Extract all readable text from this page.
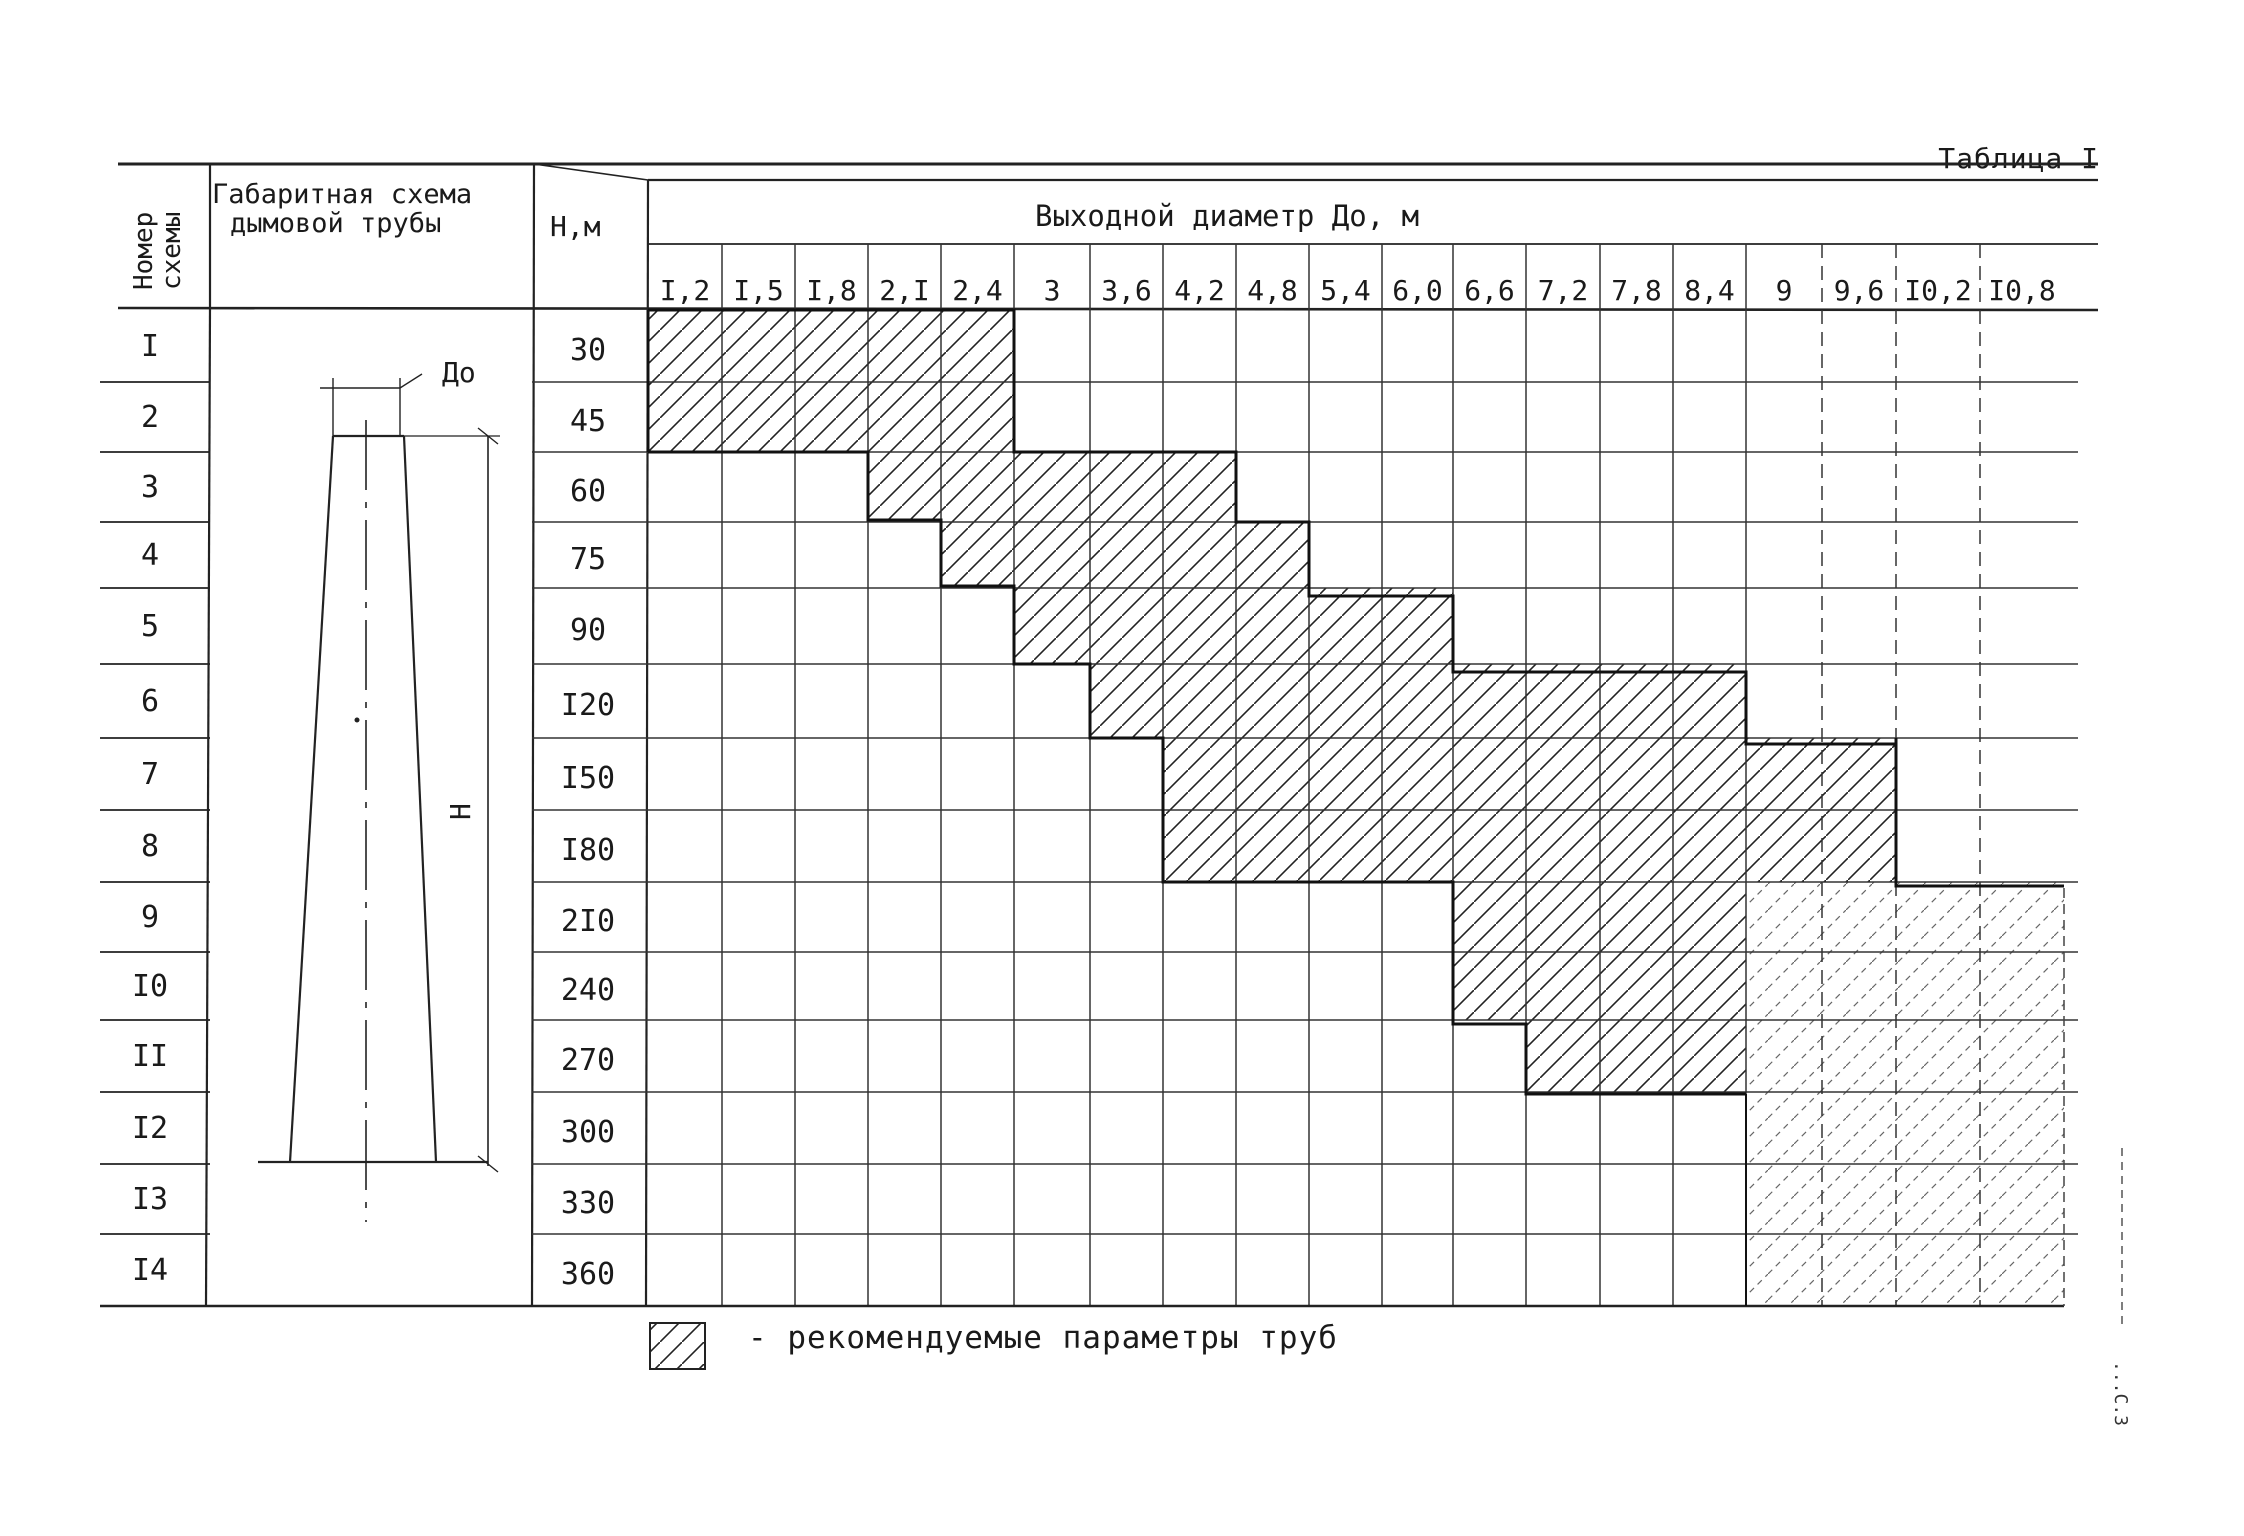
Таблица I
Номер
схемы
Габаритная схема
дымовой трубы	Н,м	Выходной диаметр До, м
I,2 I,5 I,8 2,I 2,4 3 3,6 4,2 4,8 5,4 6,0 6,6 7,2 7,8 8,4 9 9,6 I0,2 I0,8
I	30
2	45
3	60
4	75
5	90
6	I20
7	I50
8	I80
9	2I0
I0	240
II	270
I2	300
I3	330
I4	360
До
Н
- рекомендуемые параметры труб
...С.3
